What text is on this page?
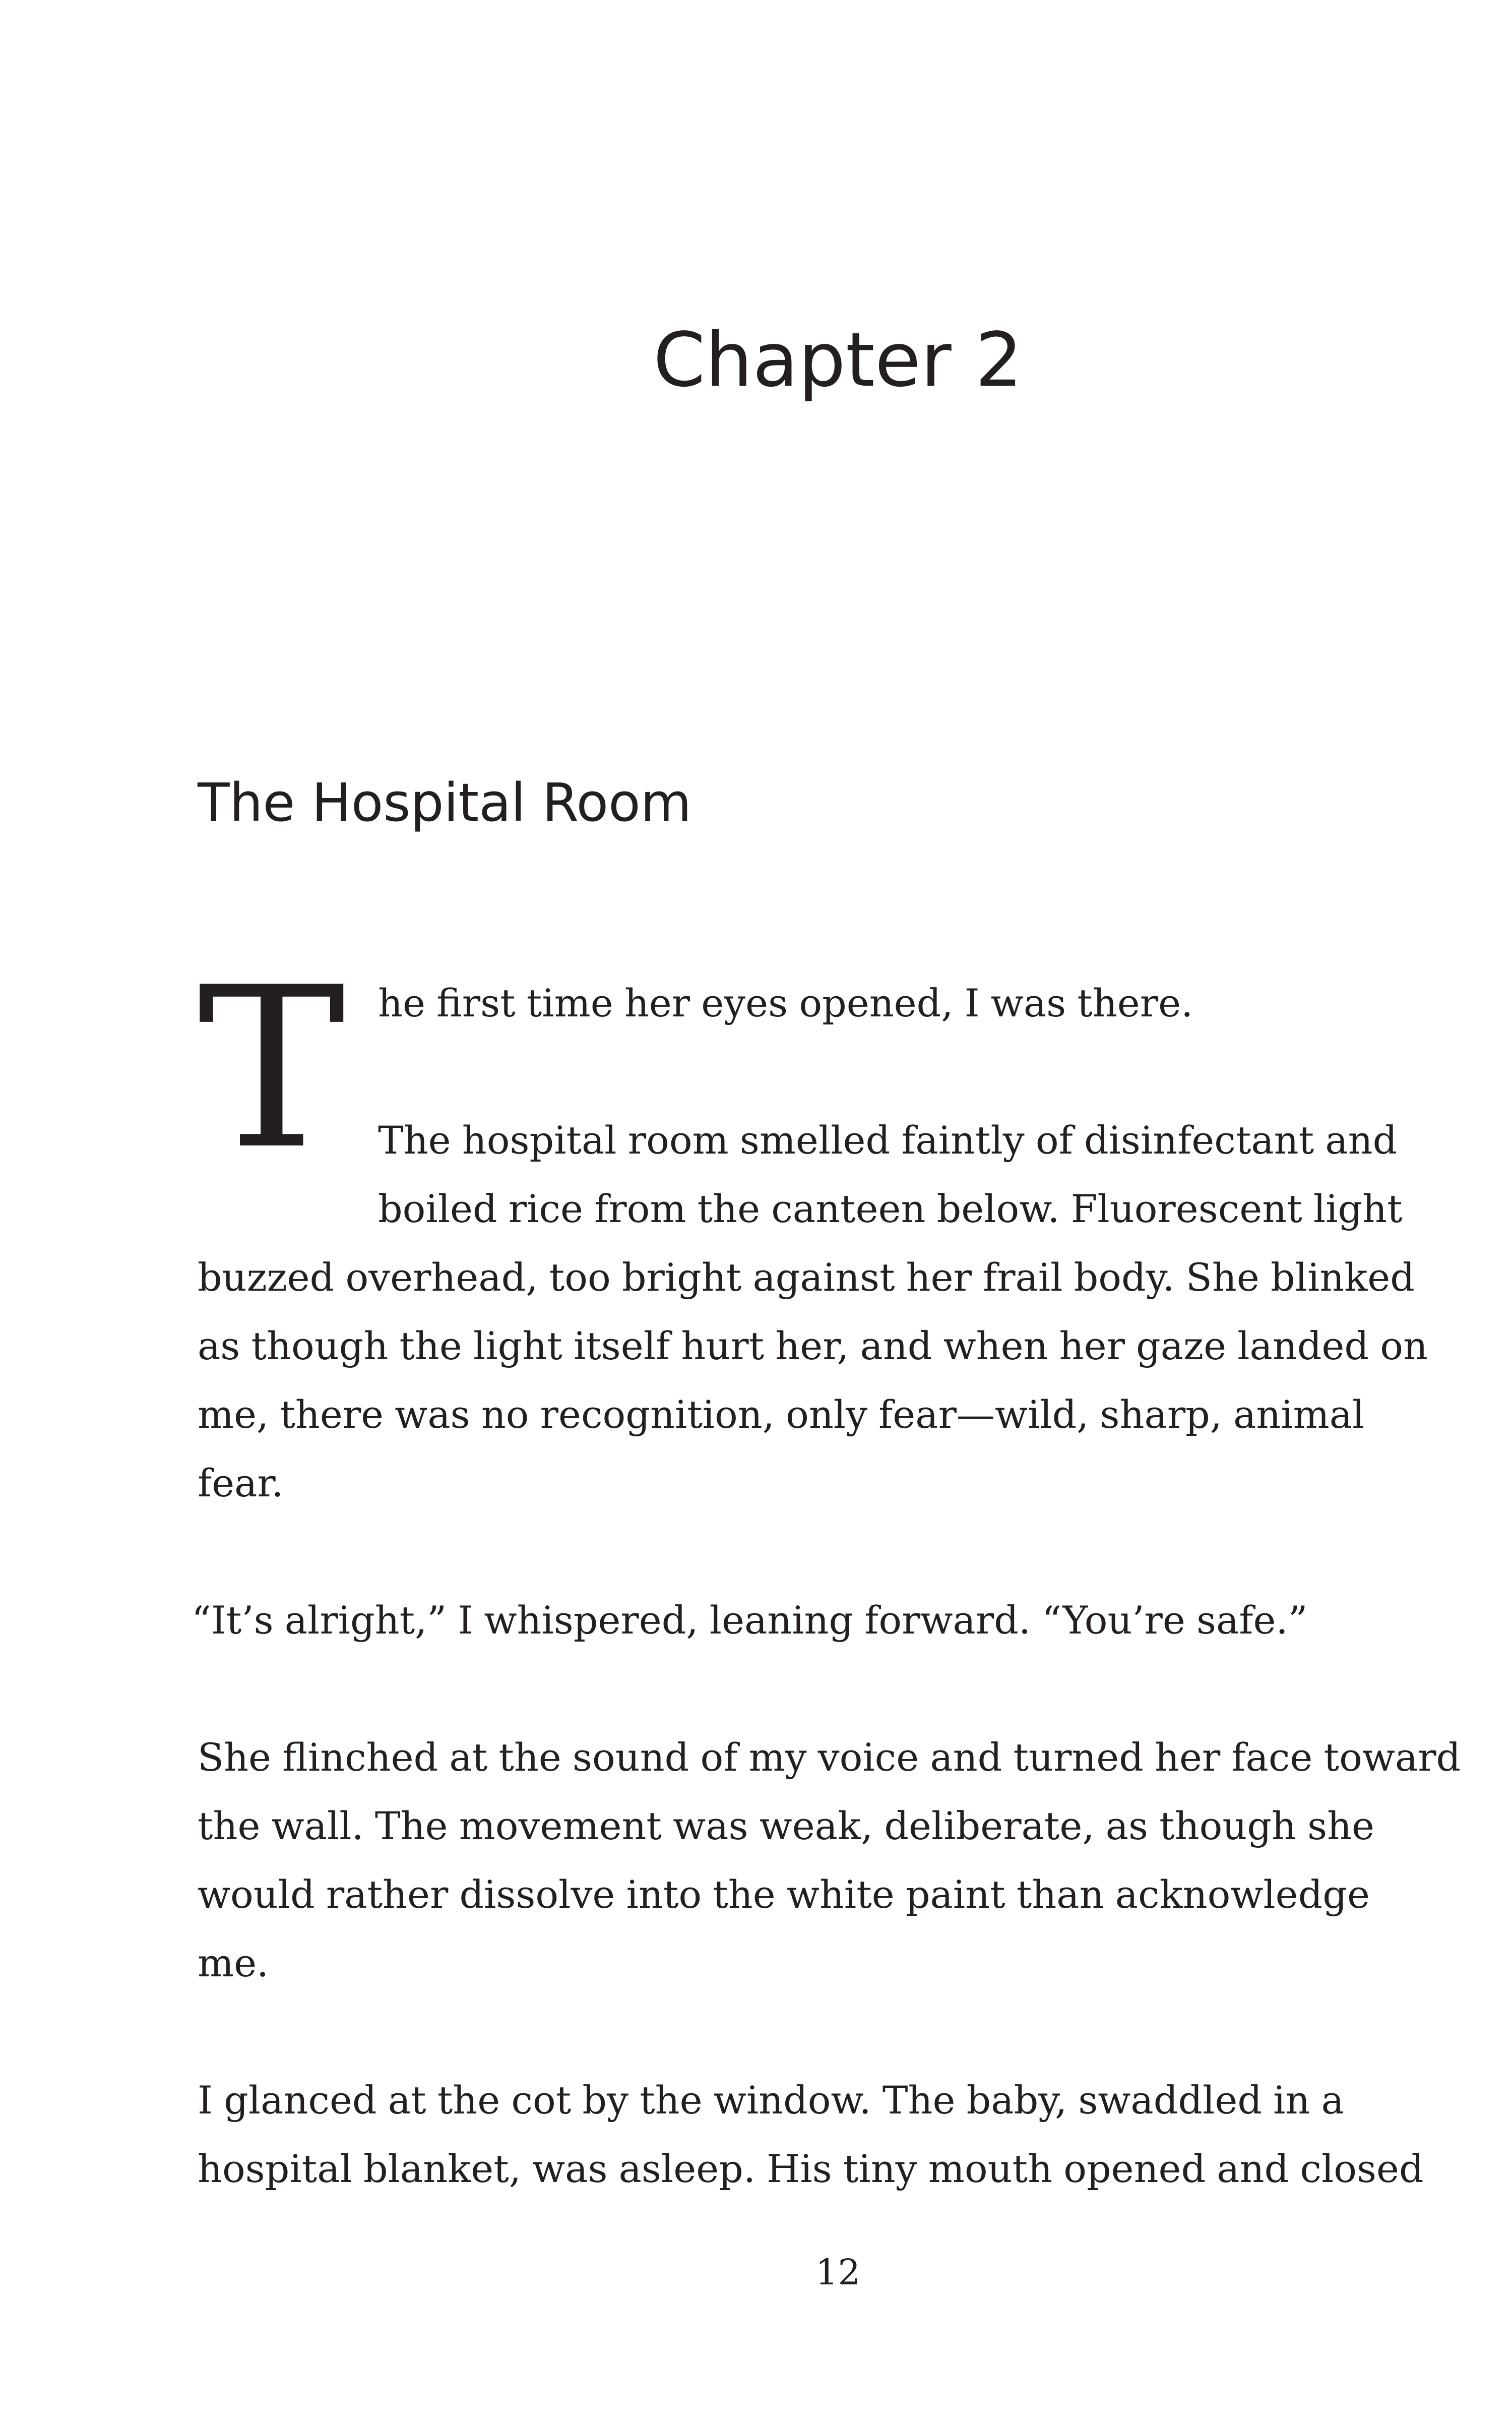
Chapter 2
The Hospital Room
T he first time her eyes opened, I was there.

The hospital room smelled faintly of disinfectant and

boiled rice from the canteen below. Fluorescent light

buzzed overhead, too bright against her frail body. She blinked

as though the light itself hurt her, and when her gaze landed on

me, there was no recognition, only fear—wild, sharp, animal

fear.

“It’s alright,” I whispered, leaning forward. “You’re safe.”

She flinched at the sound of my voice and turned her face toward

the wall. The movement was weak, deliberate, as though she

would rather dissolve into the white paint than acknowledge

me.

I glanced at the cot by the window. The baby, swaddled in a

hospital blanket, was asleep. His tiny mouth opened and closed

12
